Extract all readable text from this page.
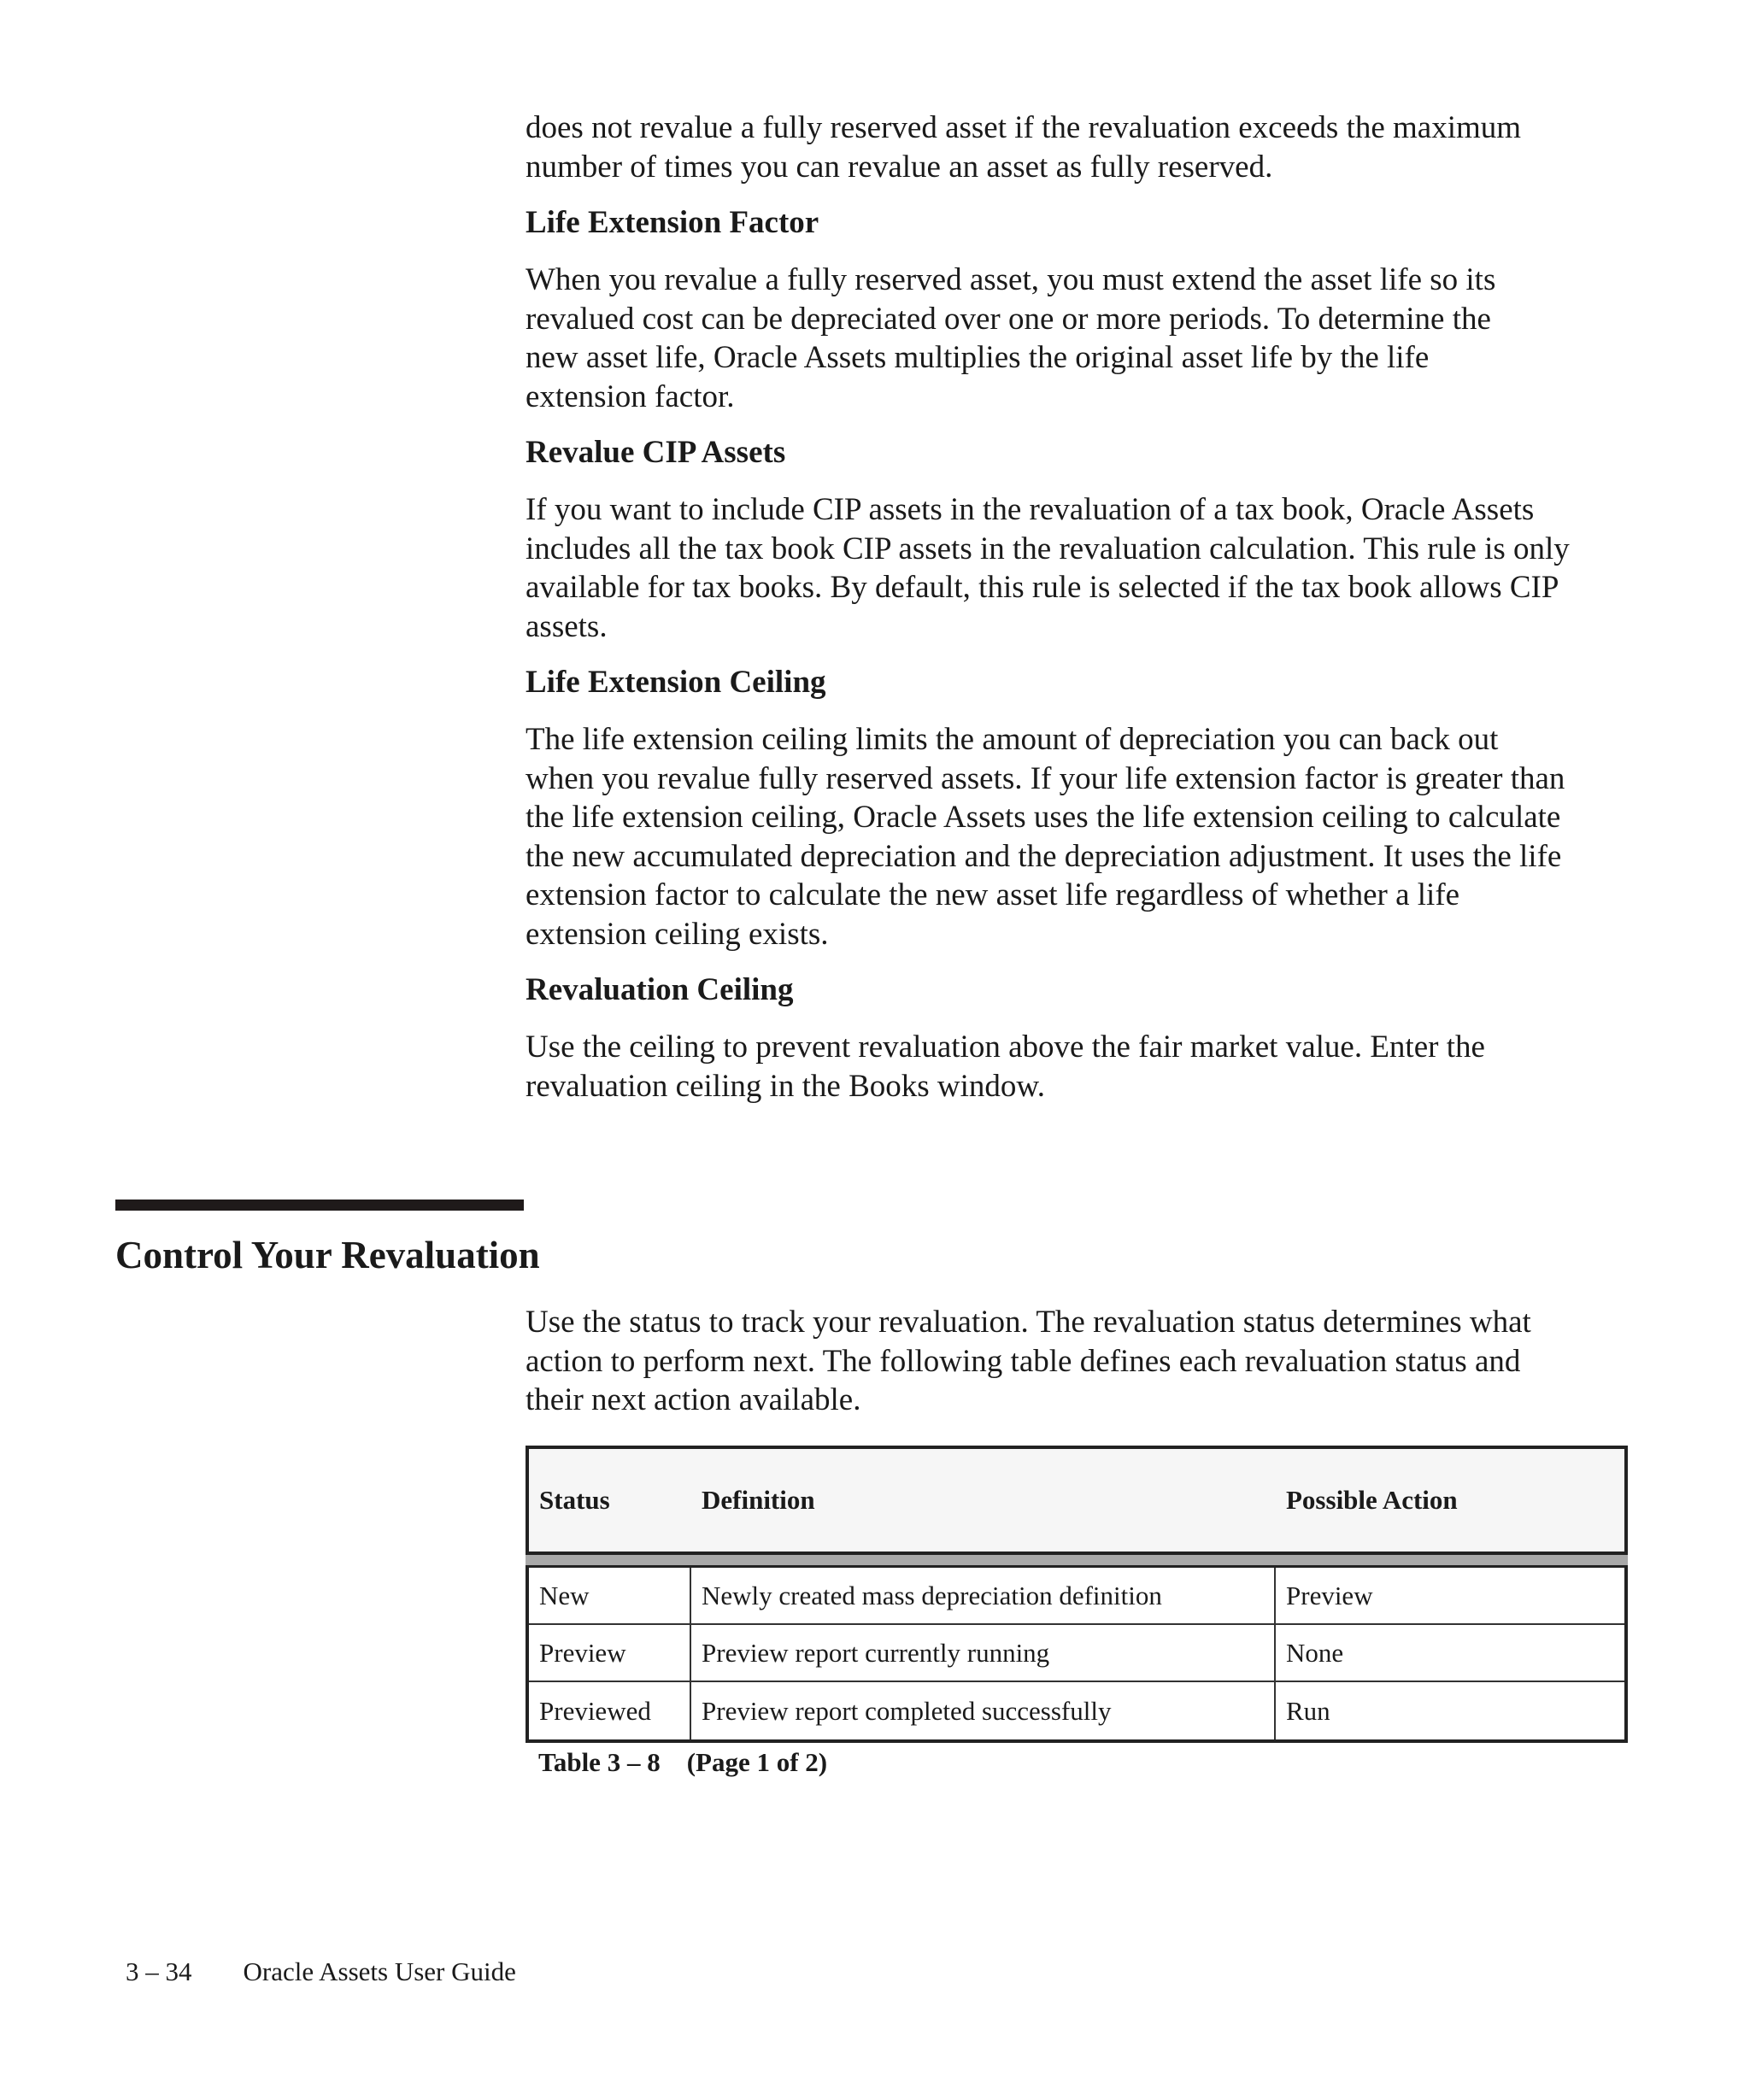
does not revalue a fully reserved asset if the revaluation exceeds the maximum number of times you can revalue an asset as fully reserved.

Life Extension Factor

When you revalue a fully reserved asset, you must extend the asset life so its revalued cost can be depreciated over one or more periods. To determine the new asset life, Oracle Assets multiplies the original asset life by the life extension factor.

Revalue CIP Assets

If you want to include CIP assets in the revaluation of a tax book, Oracle Assets includes all the tax book CIP assets in the revaluation calculation. This rule is only available for tax books. By default, this rule is selected if the tax book allows CIP assets.

Life Extension Ceiling

The life extension ceiling limits the amount of depreciation you can back out when you revalue fully reserved assets. If your life extension factor is greater than the life extension ceiling, Oracle Assets uses the life extension ceiling to calculate the new accumulated depreciation and the depreciation adjustment. It uses the life extension factor to calculate the new asset life regardless of whether a life extension ceiling exists.

Revaluation Ceiling

Use the ceiling to prevent revaluation above the fair market value. Enter the revaluation ceiling in the Books window.

Control Your Revaluation

Use the status to track your revaluation. The revaluation status determines what action to perform next. The following table defines each revaluation status and their next action available.

Status	Definition	Possible Action
New	Newly created mass depreciation definition	Preview
Preview	Preview report currently running	None
Previewed	Preview report completed successfully	Run
Table 3 – 8    (Page 1 of 2)
3 – 34 Oracle Assets User Guide
